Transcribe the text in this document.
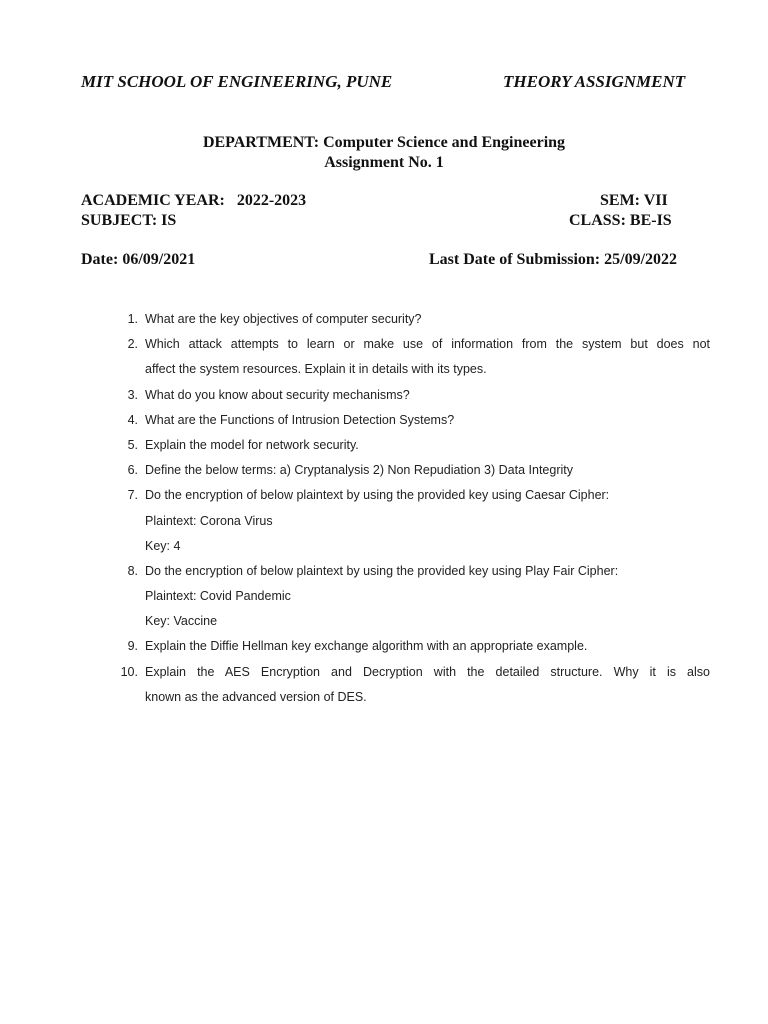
MIT SCHOOL OF ENGINEERING, PUNE	THEORY ASSIGNMENT
DEPARTMENT: Computer Science and Engineering
Assignment No. 1
ACADEMIC YEAR:   2022-2023	SEM: VII
SUBJECT: IS	CLASS: BE-IS
Date: 06/09/2021	Last Date of Submission: 25/09/2022
1. What are the key objectives of computer security?
2. Which attack attempts to learn or make use of information from the system but does not
affect the system resources. Explain it in details with its types.
3. What do you know about security mechanisms?
4. What are the Functions of Intrusion Detection Systems?
5. Explain the model for network security.
6. Define the below terms: a) Cryptanalysis 2) Non Repudiation 3) Data Integrity
7. Do the encryption of below plaintext by using the provided key using Caesar Cipher:
Plaintext: Corona Virus
Key: 4
8. Do the encryption of below plaintext by using the provided key using Play Fair Cipher:
Plaintext: Covid Pandemic
Key: Vaccine
9. Explain the Diffie Hellman key exchange algorithm with an appropriate example.
10. Explain the AES Encryption and Decryption with the detailed structure. Why it is also
known as the advanced version of DES.
